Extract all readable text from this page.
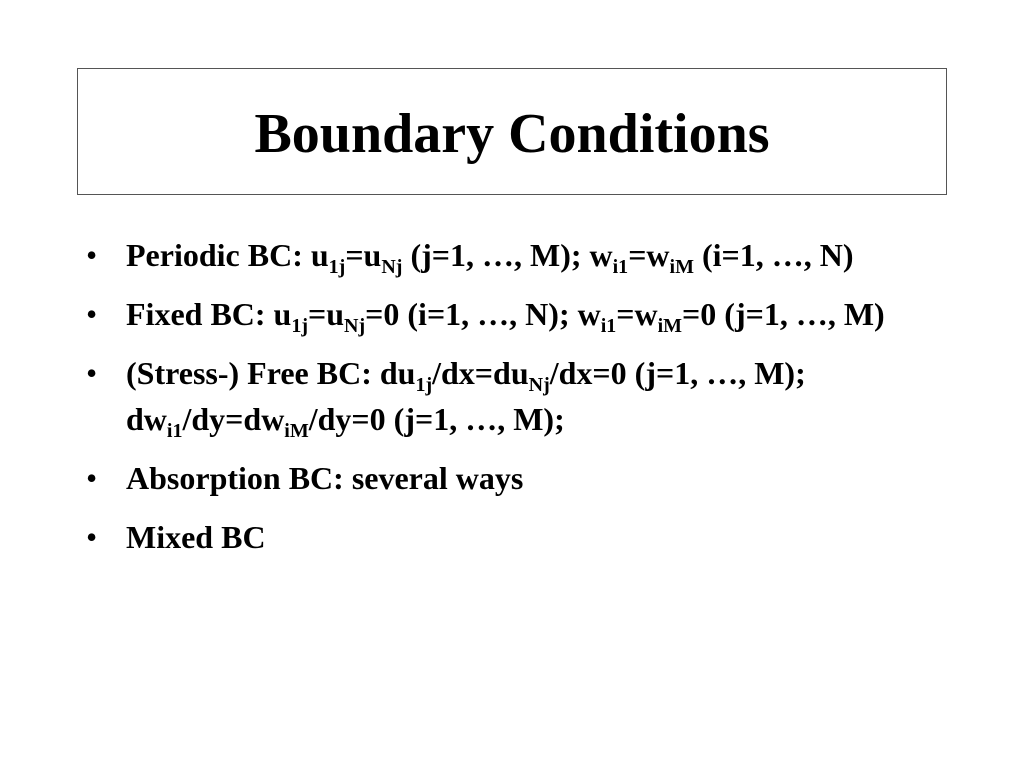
Boundary Conditions
• Periodic BC: $u_{1j}=u_{Nj}$ (j=1, …, M); $w_{i1}=w_{iM}$ (i=1, …, N)
• Fixed BC: $u_{1j}=u_{Nj}=0$ (i=1, …, N); $w_{i1}=w_{iM}=0$ (j=1, …, M)
• (Stress-) Free BC: $du_{1j}/dx=du_{Nj}/dx=0$ (j=1, …, M); $dw_{i1}/dy=dw_{iM}/dy=0$ (j=1, …, M);
• Absorption BC: several ways
• Mixed BC
